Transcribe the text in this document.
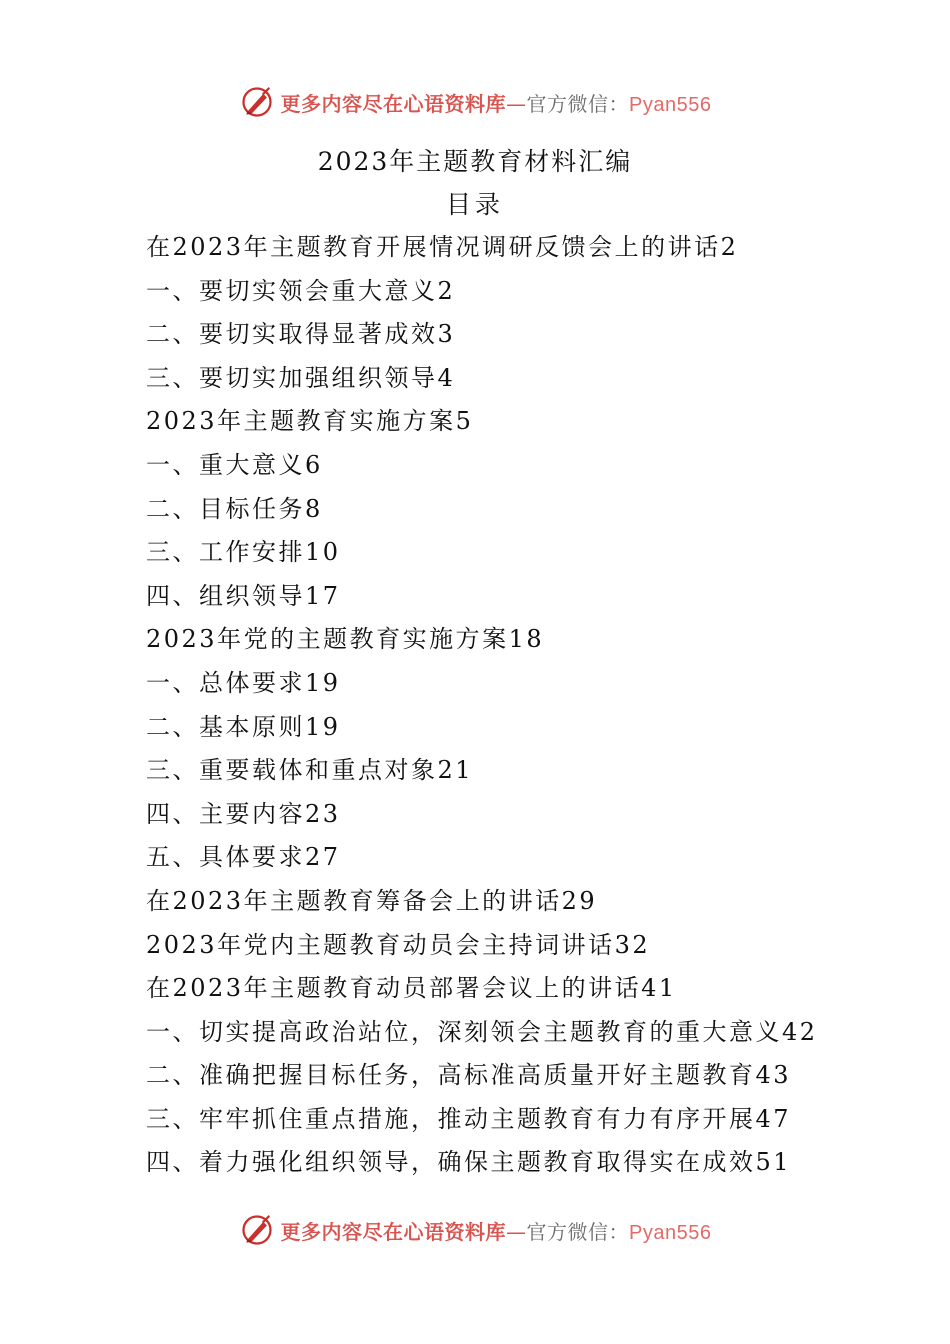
更多内容尽在心语资料库—官方微信：Pyan556
2023年主题教育材料汇编
目录
在2023年主题教育开展情况调研反馈会上的讲话2
一、要切实领会重大意义2
二、要切实取得显著成效3
三、要切实加强组织领导4
2023年主题教育实施方案5
一、重大意义6
二、目标任务8
三、工作安排10
四、组织领导17
2023年党的主题教育实施方案18
一、总体要求19
二、基本原则19
三、重要载体和重点对象21
四、主要内容23
五、具体要求27
在2023年主题教育筹备会上的讲话29
2023年党内主题教育动员会主持词讲话32
在2023年主题教育动员部署会议上的讲话41
一、切实提高政治站位，深刻领会主题教育的重大意义42
二、准确把握目标任务，高标准高质量开好主题教育43
三、牢牢抓住重点措施，推动主题教育有力有序开展47
四、着力强化组织领导，确保主题教育取得实在成效51
更多内容尽在心语资料库—官方微信：Pyan556
